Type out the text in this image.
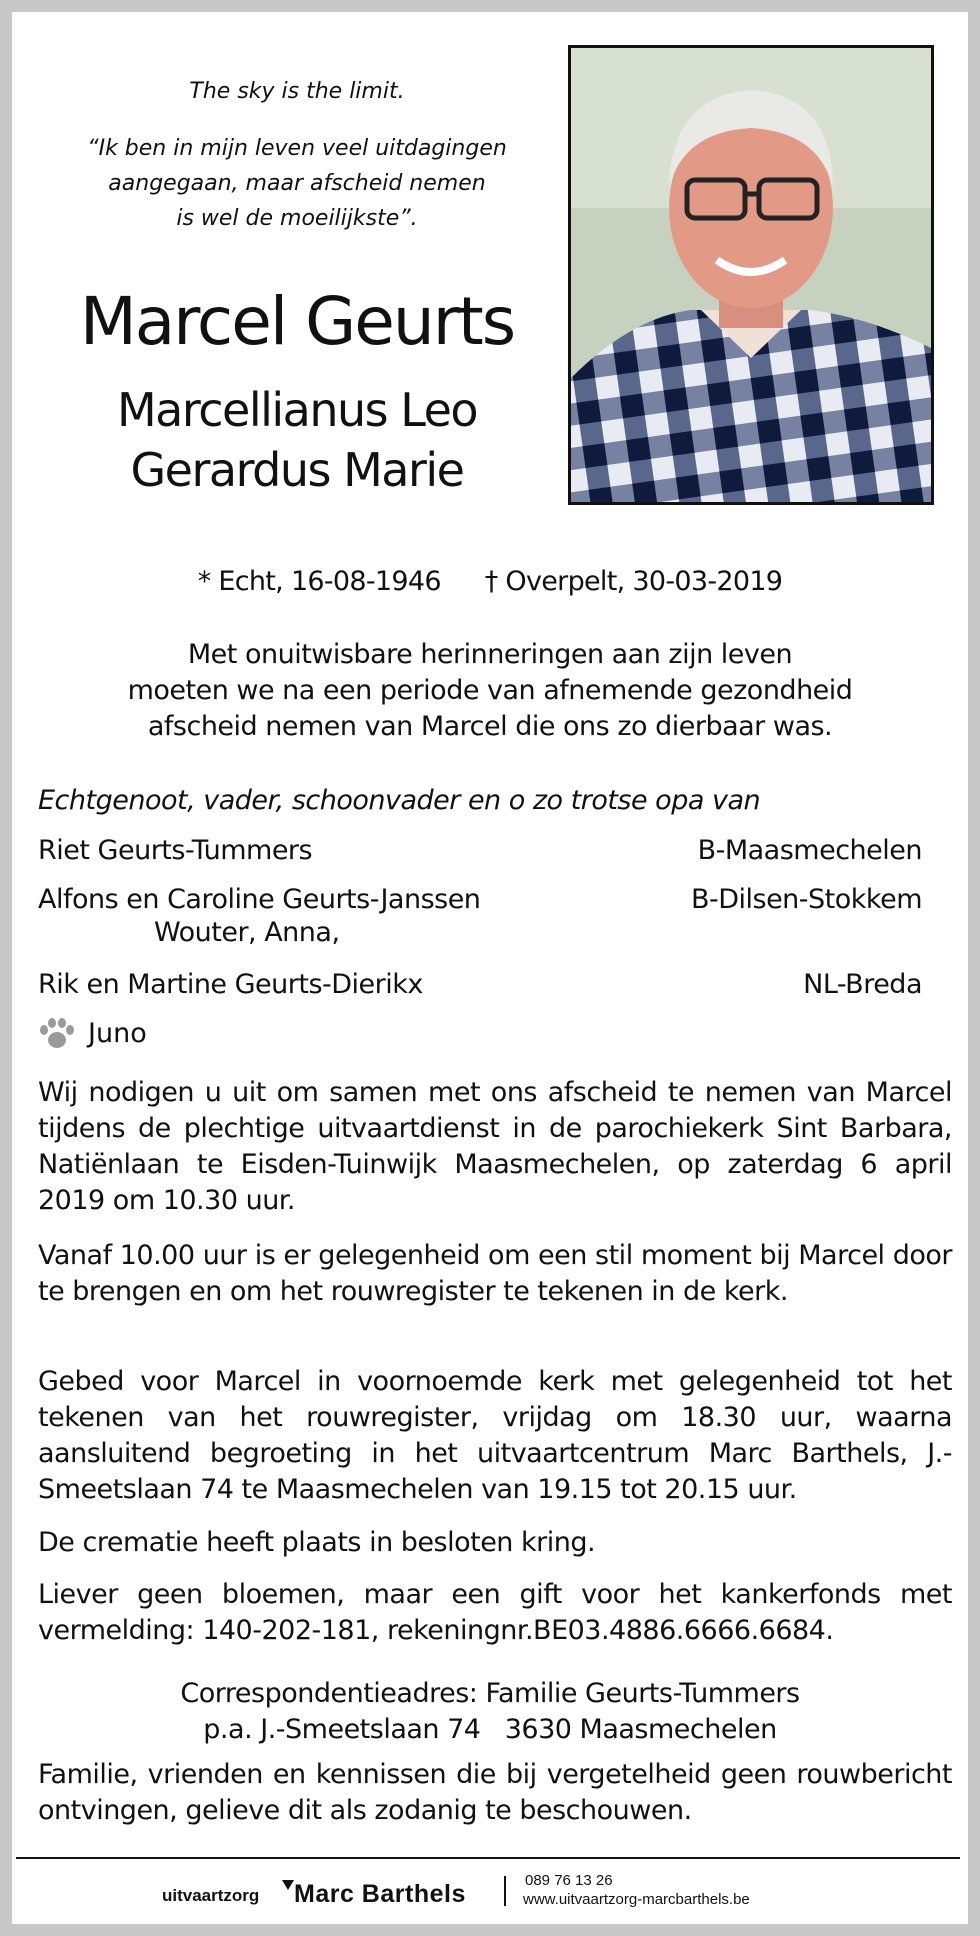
The sky is the limit.
“Ik ben in mijn leven veel uitdagingen
aangegaan, maar afscheid nemen
is wel de moeilijkste”.
Marcel Geurts
Marcellianus Leo
Gerardus Marie
* Echt, 16-08-1946 † Overpelt, 30-03-2019
Met onuitwisbare herinneringen aan zijn leven
moeten we na een periode van afnemende gezondheid
afscheid nemen van Marcel die ons zo dierbaar was.
Echtgenoot, vader, schoonvader en o zo trotse opa van
Riet Geurts-Tummers	B-Maasmechelen
Alfons en Caroline Geurts-Janssen	B-Dilsen-Stokkem
Wouter, Anna,
Rik en Martine Geurts-Dierikx	NL-Breda
Juno
Wij nodigen u uit om samen met ons afscheid te nemen van Marcel tijdens de plechtige uitvaartdienst in de parochiekerk Sint Barbara, Natiënlaan te Eisden-Tuinwijk Maasmechelen, op zaterdag 6 april 2019 om 10.30 uur.
Vanaf 10.00 uur is er gelegenheid om een stil moment bij Marcel door te brengen en om het rouwregister te tekenen in de kerk.
Gebed voor Marcel in voornoemde kerk met gelegenheid tot het tekenen van het rouwregister, vrijdag om 18.30 uur, waarna aansluitend begroeting in het uitvaartcentrum Marc Barthels, J.-Smeetslaan 74 te Maasmechelen van 19.15 tot 20.15 uur.
De crematie heeft plaats in besloten kring.
Liever geen bloemen, maar een gift voor het kankerfonds met vermelding: 140-202-181, rekeningnr.BE03.4886.6666.6684.
Correspondentieadres: Familie Geurts-Tummers
p.a. J.-Smeetslaan 74   3630 Maasmechelen
Familie, vrienden en kennissen die bij vergetelheid geen rouwbericht ontvingen, gelieve dit als zodanig te beschouwen.
uitvaartzorg Marc Barthels	089 76 13 26
www.uitvaartzorg-marcbarthels.be
